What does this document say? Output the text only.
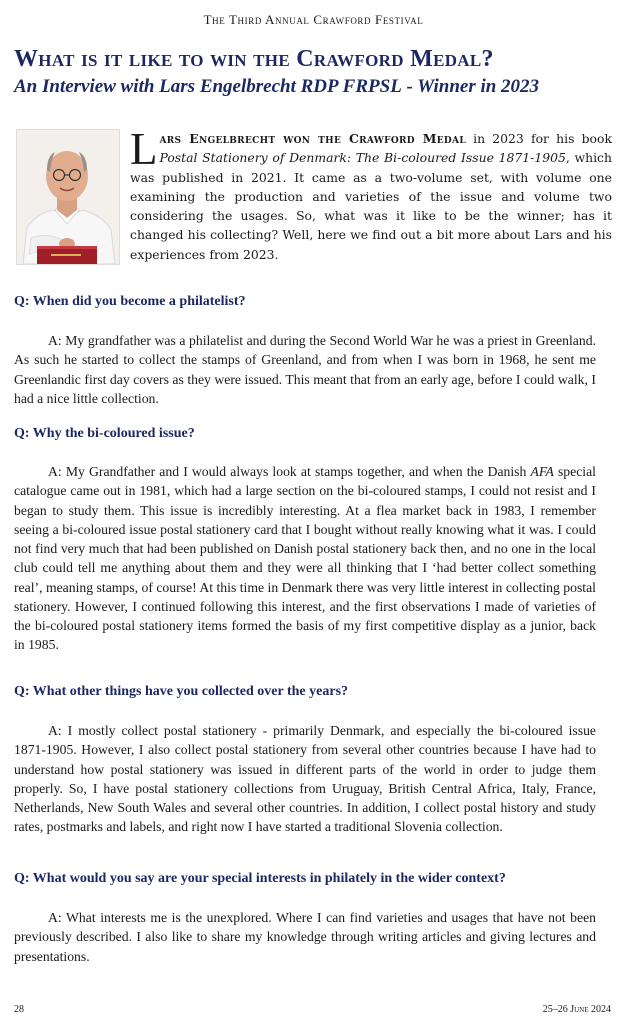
The Third Annual Crawford Festival
What is it like to win the Crawford Medal?
An Interview with Lars Engelbrecht RDP FRPSL - Winner in 2023

Lars Engelbrecht won the Crawford Medal in 2023 for his book Postal Stationery of Denmark: The Bi-coloured Issue 1871-1905, which was published in 2021. It came as a two-volume set, with volume one examining the production and varieties of the issue and volume two considering the usages. So, what was it like to be the winner; has it changed his collecting? Well, here we find out a bit more about Lars and his experiences from 2023.

Q: When did you become a philatelist?

A: My grandfather was a philatelist and during the Second World War he was a priest in Greenland. As such he started to collect the stamps of Greenland, and from when I was born in 1968, he sent me Greenlandic first day covers as they were issued. This meant that from an early age, before I could walk, I had a nice little collection.

Q: Why the bi-coloured issue?

A: My Grandfather and I would always look at stamps together, and when the Danish AFA special catalogue came out in 1981, which had a large section on the bi-coloured stamps, I could not resist and I began to study them. This issue is incredibly interesting. At a flea market back in 1983, I remember seeing a bi-coloured issue postal stationery card that I bought without really knowing what it was. I could not find very much that had been published on Danish postal stationery back then, and no one in the local club could tell me anything about them and they were all thinking that I ‘had better collect something real’, meaning stamps, of course! At this time in Denmark there was very little interest in collecting postal stationery. However, I continued following this interest, and the first observations I made of varieties of the bi-coloured postal stationery items formed the basis of my first competitive display as a junior, back in 1985.

Q: What other things have you collected over the years?

A: I mostly collect postal stationery - primarily Denmark, and especially the bi-coloured issue 1871-1905. However, I also collect postal stationery from several other countries because I have had to understand how postal stationery was issued in different parts of the world in order to judge them properly. So, I have postal stationery collections from Uruguay, British Central Africa, Italy, France, Netherlands, New South Wales and several other countries. In addition, I collect postal history and study rates, postmarks and labels, and right now I have started a traditional Slovenia collection.

Q: What would you say are your special interests in philately in the wider context?

A: What interests me is the unexplored. Where I can find varieties and usages that have not been previously described. I also like to share my knowledge through writing articles and giving lectures and presentations.

28	25–26 June 2024
